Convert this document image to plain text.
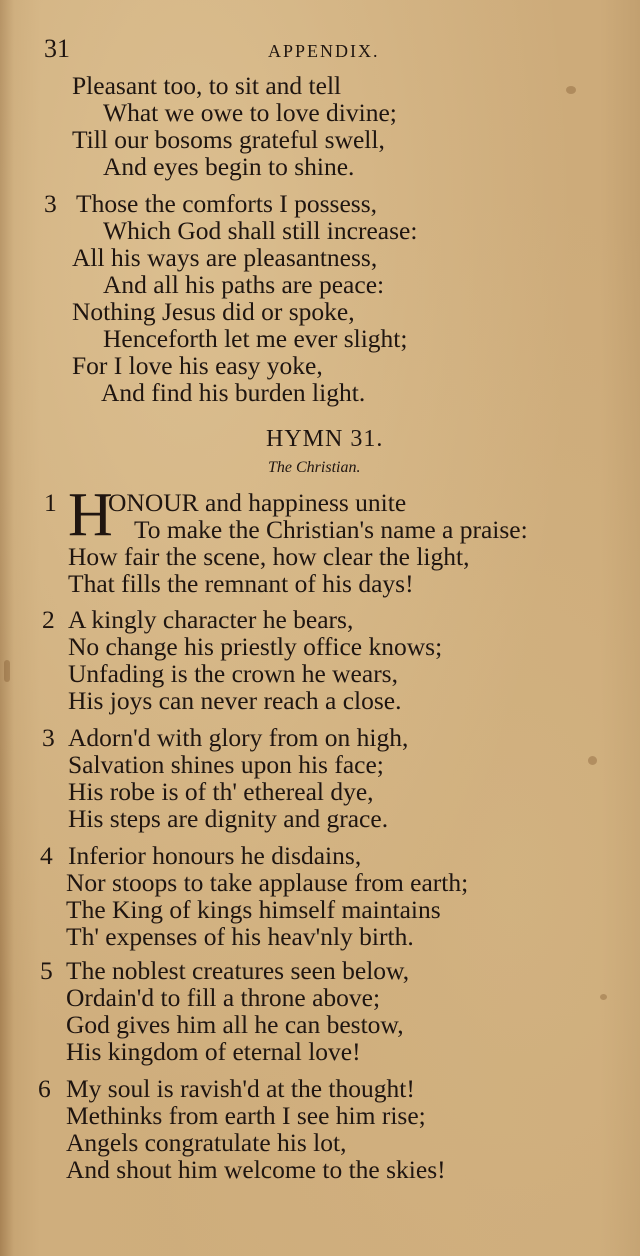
31	APPENDIX.
Pleasant too, to sit and tell
What we owe to love divine;
Till our bosoms grateful swell,
And eyes begin to shine.
3 Those the comforts I possess,
Which God shall still increase:
All his ways are pleasantness,
And all his paths are peace:
Nothing Jesus did or spoke,
Henceforth let me ever slight;
For I love his easy yoke,
And find his burden light.
HYMN 31.
The Christian.
1 H
ONOUR and happiness unite
To make the Christian's name a praise:
How fair the scene, how clear the light,
That fills the remnant of his days!
2 A kingly character he bears,
No change his priestly office knows;
Unfading is the crown he wears,
His joys can never reach a close.
3 Adorn'd with glory from on high,
Salvation shines upon his face;
His robe is of th' ethereal dye,
His steps are dignity and grace.
4 Inferior honours he disdains,
Nor stoops to take applause from earth;
The King of kings himself maintains
Th' expenses of his heav'nly birth.
5 The noblest creatures seen below,
Ordain'd to fill a throne above;
God gives him all he can bestow,
His kingdom of eternal love!
6 My soul is ravish'd at the thought!
Methinks from earth I see him rise;
Angels congratulate his lot,
And shout him welcome to the skies!
